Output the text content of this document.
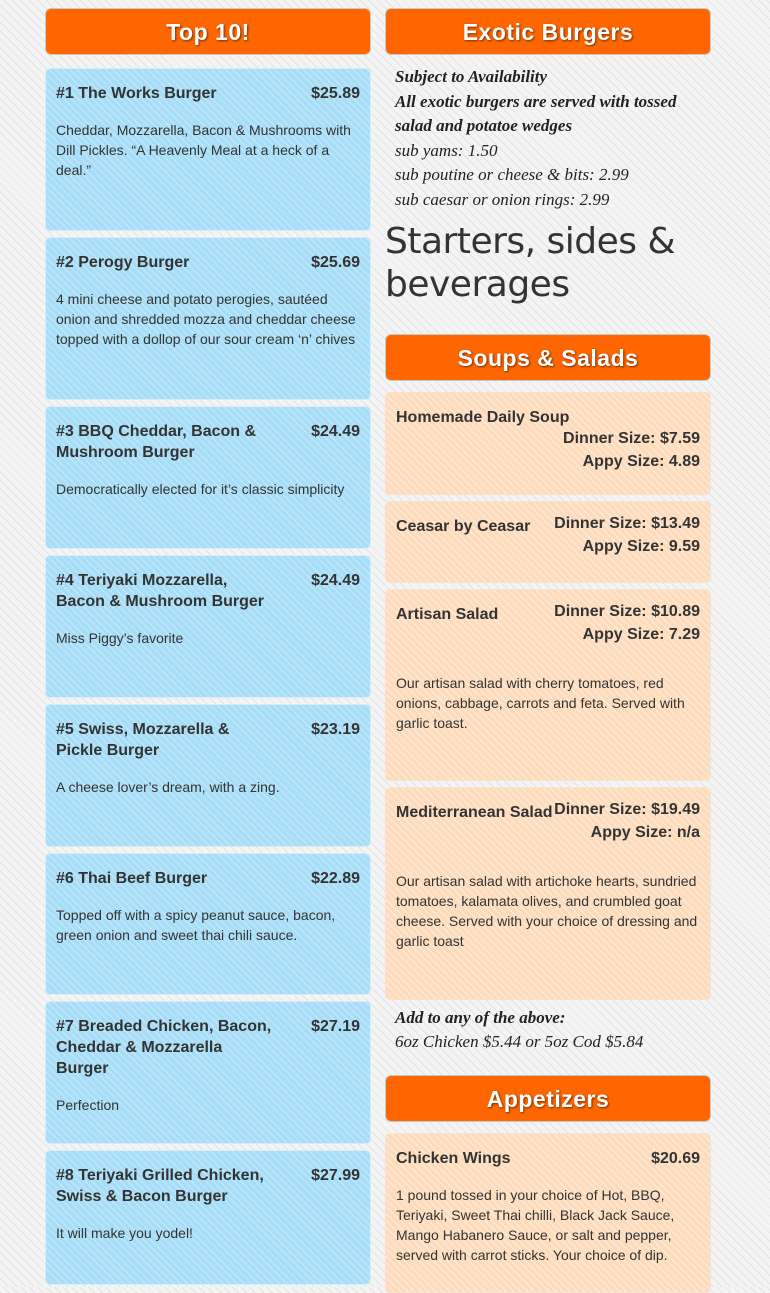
Top 10!
#1 The Works Burger	$25.89
Cheddar, Mozzarella, Bacon & Mushrooms with Dill Pickles. “A Heavenly Meal at a heck of a deal.”
#2 Perogy Burger	$25.69
4 mini cheese and potato perogies, sautéed onion and shredded mozza and cheddar cheese topped with a dollop of our sour cream ‘n’ chives
#3 BBQ Cheddar, Bacon & Mushroom Burger
$24.49
Democratically elected for it’s classic simplicity
#4 Teriyaki Mozzarella, Bacon & Mushroom Burger
$24.49
Miss Piggy’s favorite
#5 Swiss, Mozzarella & Pickle Burger
$23.19
A cheese lover’s dream, with a zing.
#6 Thai Beef Burger	$22.89
Topped off with a spicy peanut sauce, bacon, green onion and sweet thai chili sauce.
#7 Breaded Chicken, Bacon, Cheddar & Mozzarella Burger
$27.19
Perfection
#8 Teriyaki Grilled Chicken, Swiss & Bacon Burger
$27.99
It will make you yodel!
Exotic Burgers
Subject to Availability
All exotic burgers are served with tossed salad and potatoe wedges
sub yams: 1.50
sub poutine or cheese & bits: 2.99
sub caesar or onion rings: 2.99
Starters, sides & beverages
Soups & Salads
Homemade Daily Soup
Dinner Size: $7.59
Appy Size: 4.89
Ceasar by Ceasar	Dinner Size: $13.49
Appy Size: 9.59
Artisan Salad	Dinner Size: $10.89
Appy Size: 7.29
Our artisan salad with cherry tomatoes, red onions, cabbage, carrots and feta. Served with garlic toast.
Mediterranean Salad Dinner Size: $19.49
Appy Size: n/a
Our artisan salad with artichoke hearts, sundried tomatoes, kalamata olives, and crumbled goat cheese. Served with your choice of dressing and garlic toast
Add to any of the above:
6oz Chicken $5.44 or 5oz Cod $5.84
Appetizers
Chicken Wings	$20.69
1 pound tossed in your choice of Hot, BBQ, Teriyaki, Sweet Thai chilli, Black Jack Sauce, Mango Habanero Sauce, or salt and pepper, served with carrot sticks. Your choice of dip.
